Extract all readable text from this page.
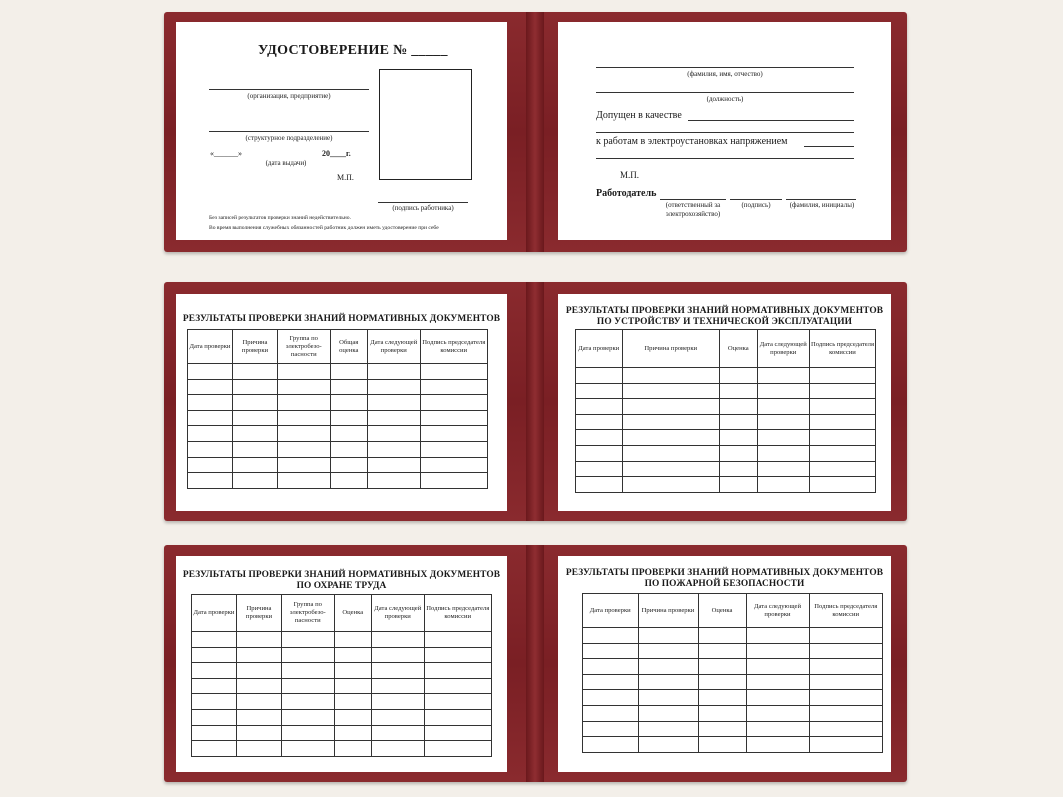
УДОСТОВЕРЕНИЕ № _____
(организация, предприятие)
(структурное подразделение)
«______»	20____г.
(дата выдачи)
М.П.
(подпись работника)
Без записей результатов проверки знаний недействительно.
Во время выполнения служебных обязанностей работник должен иметь удостоверение при себе
(фамилия, имя, отчество)
(должность)
Допущен в качестве
к работам в электроустановках напряжением
М.П.
Работодатель
(ответственный за
электрохозяйство)
(подпись)	(фамилия, инициалы)
РЕЗУЛЬТАТЫ ПРОВЕРКИ ЗНАНИЙ НОРМАТИВНЫХ ДОКУМЕНТОВ
Дата проверки	Причина проверки	Группа по электробезо-пасности	Общая оценка	Дата следующей проверки	Подпись председателя комиссии

РЕЗУЛЬТАТЫ ПРОВЕРКИ ЗНАНИЙ НОРМАТИВНЫХ ДОКУМЕНТОВ
ПО УСТРОЙСТВУ И ТЕХНИЧЕСКОЙ ЭКСПЛУАТАЦИИ
Дата проверки	Причина проверки	Оценка	Дата следующей проверки	Подпись председателя комиссии

РЕЗУЛЬТАТЫ ПРОВЕРКИ ЗНАНИЙ НОРМАТИВНЫХ ДОКУМЕНТОВ
ПО ОХРАНЕ ТРУДА
Дата проверки	Причина проверки	Группа по электробезо-пасности	Оценка	Дата следующей проверки	Подпись председателя комиссии

РЕЗУЛЬТАТЫ ПРОВЕРКИ ЗНАНИЙ НОРМАТИВНЫХ ДОКУМЕНТОВ
ПО ПОЖАРНОЙ БЕЗОПАСНОСТИ
Дата проверки	Причина проверки	Оценка	Дата следующей проверки	Подпись председателя комиссии
